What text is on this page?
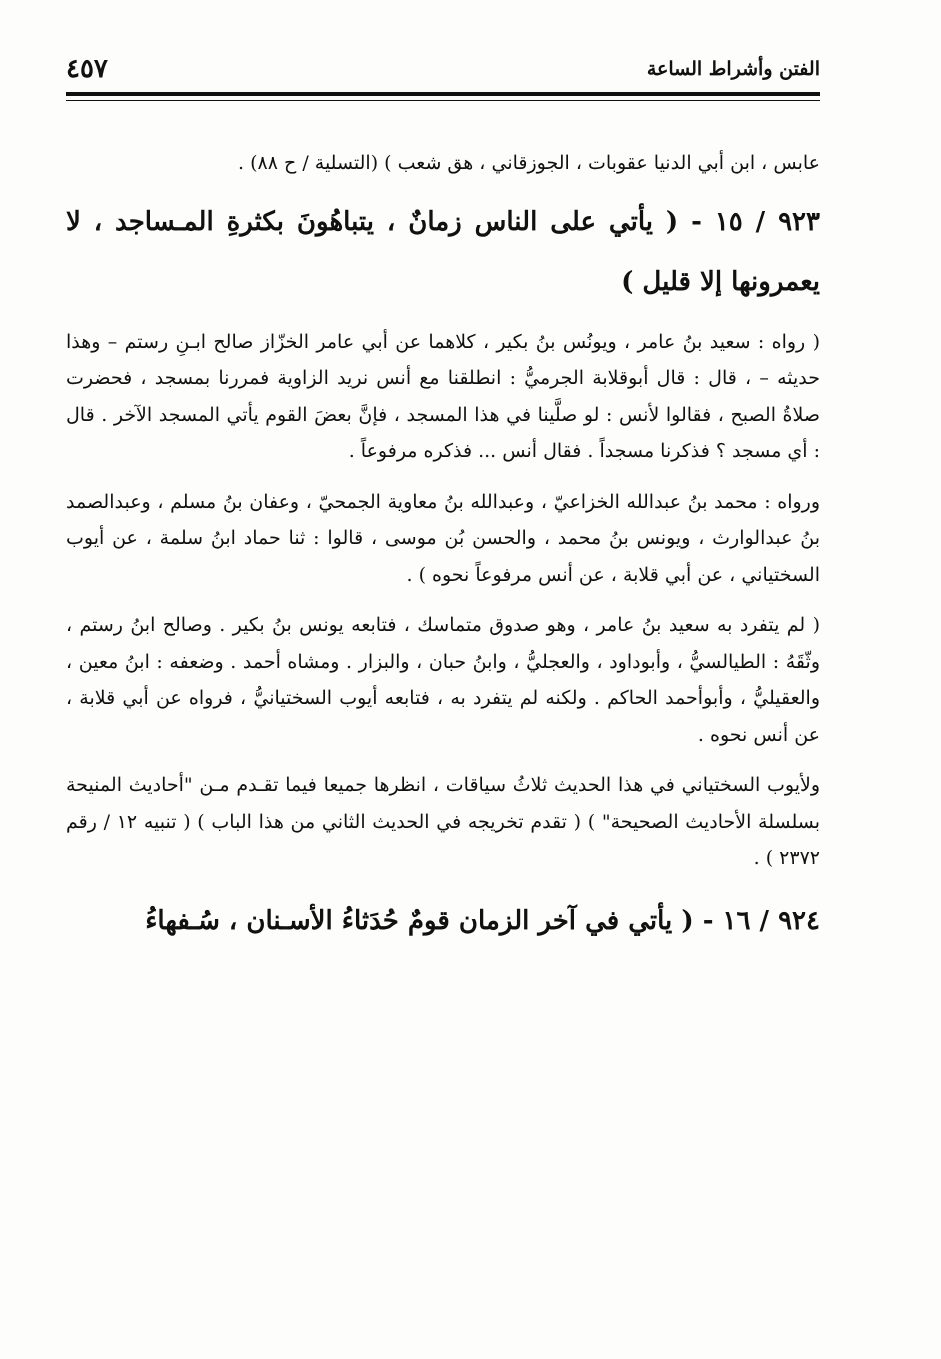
٤٥٧	الفتن وأشراط الساعة

عابس ، ابن أبي الدنيا عقوبات ، الجوزقاني ، هق شعب ) (التسلية / ح ٨٨) .

٩٢٣ / ١٥ - ( يأتي على الناس زمانٌ ، يتباهُونَ بكثرةِ المـساجد ، لا يعمرونها إلا قليل )

( رواه : سعيد بنُ عامر ، ويونُس بنُ بكير ، كلاهما عن أبي عامر الخزّاز صالح ابـنِ رستم – وهذا حديثه – ، قال : قال أبوقلابة الجرميُّ : انطلقنا مع أنس نريد الزاوية فمررنا بمسجد ، فحضرت صلاةُ الصبح ، فقالوا لأنس : لو صلَّينا في هذا المسجد ، فإنَّ بعضَ القوم يأتي المسجد الآخر . قال : أي مسجد ؟ فذكرنا مسجداً . فقال أنس ... فذكره مرفوعاً .

ورواه : محمد بنُ عبدالله الخزاعيّ ، وعبدالله بنُ معاوية الجمحيّ ، وعفان بنُ مسلم ، وعبدالصمد بنُ عبدالوارث ، ويونس بنُ محمد ، والحسن بُن موسى ، قالوا : ثنا حماد ابنُ سلمة ، عن أيوب السختياني ، عن أبي قلابة ، عن أنس مرفوعاً نحوه ) .

( لم يتفرد به سعيد بنُ عامر ، وهو صدوق متماسك ، فتابعه يونس بنُ بكير . وصالح ابنُ رستم ، وثّقَهُ : الطيالسيُّ ، وأبوداود ، والعجليُّ ، وابنُ حبان ، والبزار . ومشاه أحمد . وضعفه : ابنُ معين ، والعقيليُّ ، وأبوأحمد الحاكم . ولكنه لم يتفرد به ، فتابعه أيوب السختيانيُّ ، فرواه عن أبي قلابة ، عن أنس نحوه .

ولأيوب السختياني في هذا الحديث ثلاثُ سياقات ، انظرها جميعا فيما تقـدم مـن "أحاديث المنيحة بسلسلة الأحاديث الصحيحة" ) ( تقدم تخريجه في الحديث الثاني من هذا الباب ) ( تنبيه ١٢ / رقم ٢٣٧٢ ) .

٩٢٤ / ١٦ - ( يأتي في آخر الزمان قومٌ حُدَثاءُ الأسـنان ، سُـفهاءُ
